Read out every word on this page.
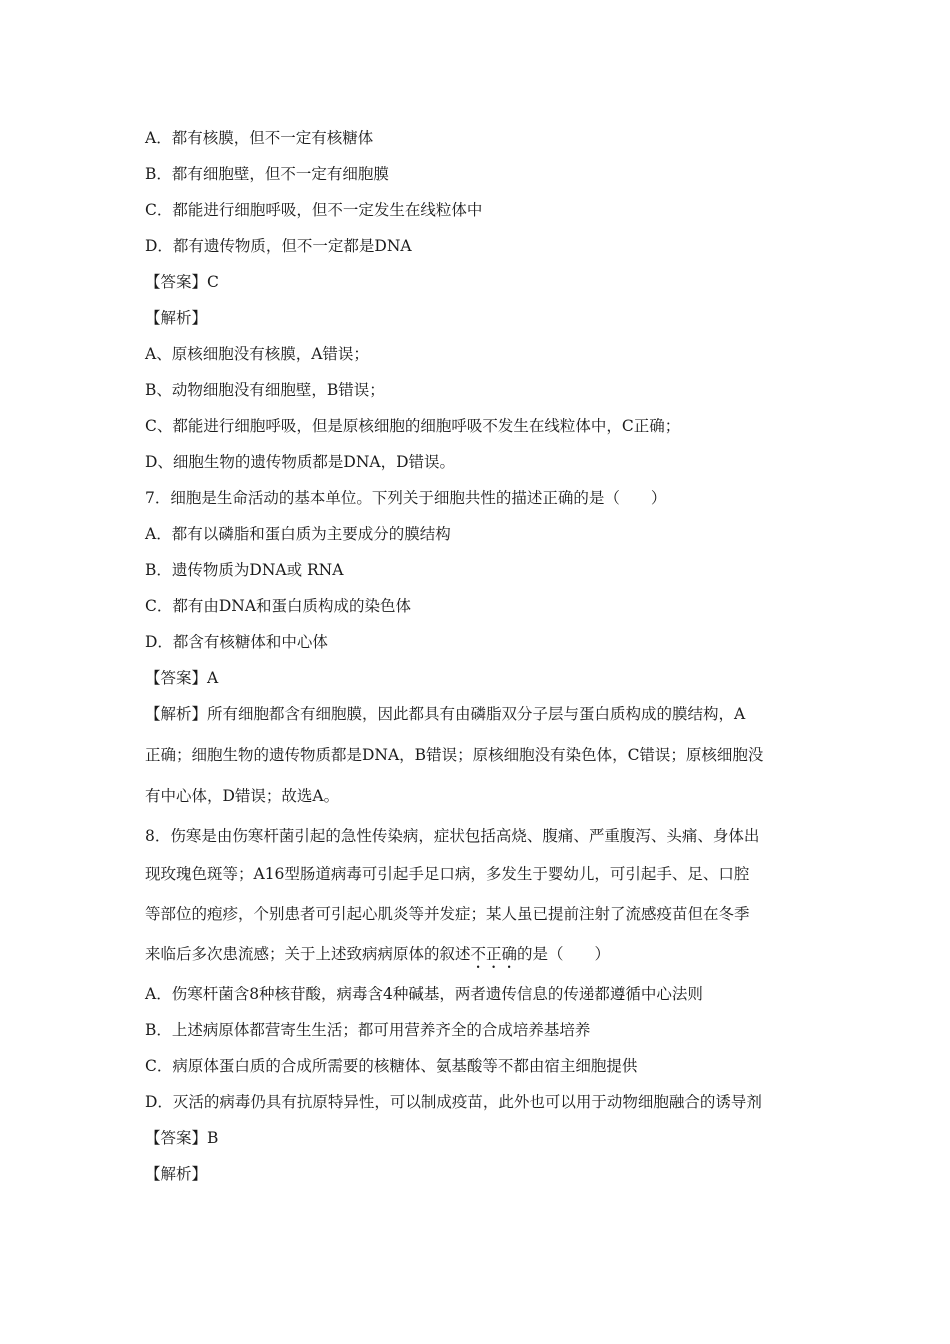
A．都有核膜，但不一定有核糖体
B．都有细胞壁，但不一定有细胞膜
C．都能进行细胞呼吸，但不一定发生在线粒体中
D．都有遗传物质，但不一定都是DNA
【答案】C
【解析】
A、原核细胞没有核膜，A错误；
B、动物细胞没有细胞壁，B错误；
C、都能进行细胞呼吸，但是原核细胞的细胞呼吸不发生在线粒体中，C正确；
D、细胞生物的遗传物质都是DNA，D错误。
7．细胞是生命活动的基本单位。下列关于细胞共性的描述正确的是（　　）
A．都有以磷脂和蛋白质为主要成分的膜结构
B．遗传物质为DNA或 RNA
C．都有由DNA和蛋白质构成的染色体
D．都含有核糖体和中心体
【答案】A
【解析】所有细胞都含有细胞膜，因此都具有由磷脂双分子层与蛋白质构成的膜结构，A
正确；细胞生物的遗传物质都是DNA，B错误；原核细胞没有染色体，C错误；原核细胞没
有中心体，D错误；故选A。
8．伤寒是由伤寒杆菌引起的急性传染病，症状包括高烧、腹痛、严重腹泻、头痛、身体出
现玫瑰色斑等；A16型肠道病毒可引起手足口病，多发生于婴幼儿，可引起手、足、口腔
等部位的疱疹，个别患者可引起心肌炎等并发症；某人虽已提前注射了流感疫苗但在冬季
来临后多次患流感；关于上述致病病原体的叙述不正确的是（　　）
A．伤寒杆菌含8种核苷酸，病毒含4种碱基，两者遗传信息的传递都遵循中心法则
B．上述病原体都营寄生生活；都可用营养齐全的合成培养基培养
C．病原体蛋白质的合成所需要的核糖体、氨基酸等不都由宿主细胞提供
D．灭活的病毒仍具有抗原特异性，可以制成疫苗，此外也可以用于动物细胞融合的诱导剂
【答案】B
【解析】
